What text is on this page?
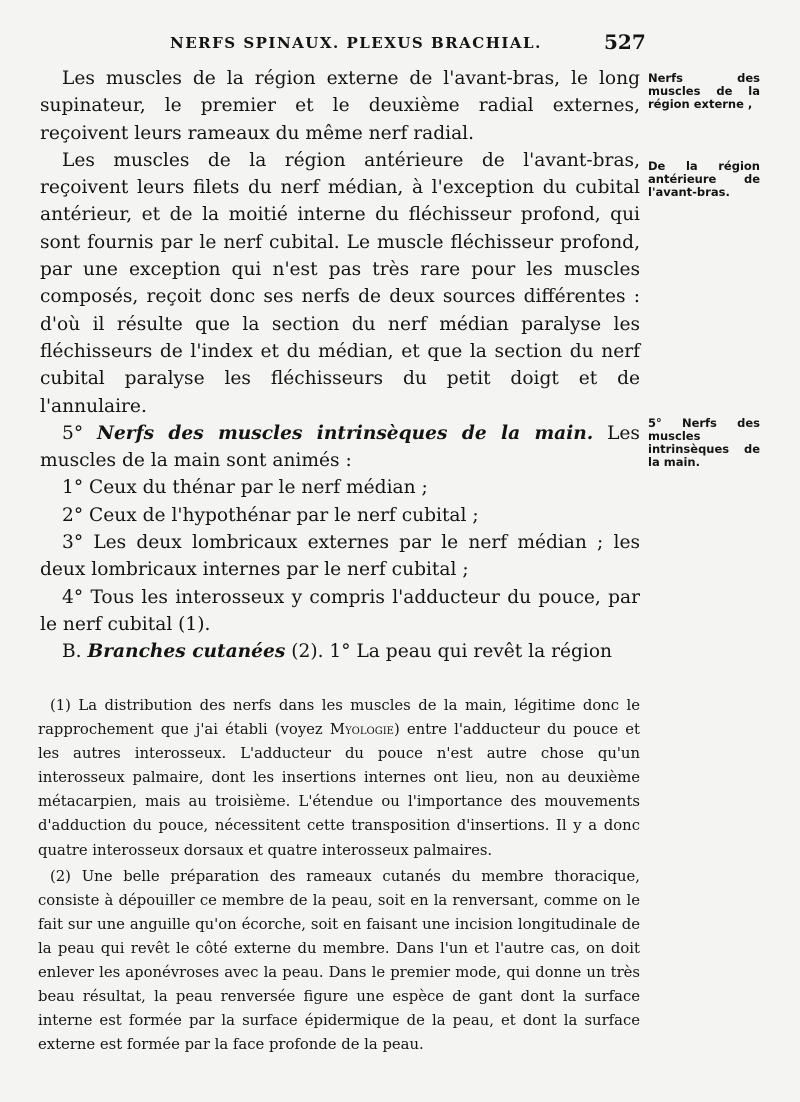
NERFS SPINAUX. PLEXUS BRACHIAL.	527

Les muscles de la région externe de l'avant-bras, le long supinateur, le premier et le deuxième radial externes, reçoivent leurs rameaux du même nerf radial.

Les muscles de la région antérieure de l'avant-bras, reçoivent leurs filets du nerf médian, à l'exception du cubital antérieur, et de la moitié interne du fléchisseur profond, qui sont fournis par le nerf cubital. Le muscle fléchisseur profond, par une exception qui n'est pas très rare pour les muscles composés, reçoit donc ses nerfs de deux sources différentes : d'où il résulte que la section du nerf médian paralyse les fléchisseurs de l'index et du médian, et que la section du nerf cubital paralyse les fléchisseurs du petit doigt et de l'annulaire.

5° Nerfs des muscles intrinsèques de la main. Les muscles de la main sont animés :

1° Ceux du thénar par le nerf médian ;

2° Ceux de l'hypothénar par le nerf cubital ;

3° Les deux lombricaux externes par le nerf médian ; les deux lombricaux internes par le nerf cubital ;

4° Tous les interosseux y compris l'adducteur du pouce, par le nerf cubital (1).

B. Branches cutanées (2). 1° La peau qui revêt la région

Nerfs des muscles de la région externe ,
De la région antérieure de l'avant-bras.
5° Nerfs des muscles intrinsèques de la main.

(1) La distribution des nerfs dans les muscles de la main, légitime donc le rapprochement que j'ai établi (voyez Myologie) entre l'adducteur du pouce et les autres interosseux. L'adducteur du pouce n'est autre chose qu'un interosseux palmaire, dont les insertions internes ont lieu, non au deuxième métacarpien, mais au troisième. L'étendue ou l'importance des mouvements d'adduction du pouce, nécessitent cette transposition d'insertions. Il y a donc quatre interosseux dorsaux et quatre interosseux palmaires.

(2) Une belle préparation des rameaux cutanés du membre thoracique, consiste à dépouiller ce membre de la peau, soit en la renversant, comme on le fait sur une anguille qu'on écorche, soit en faisant une incision longitudinale de la peau qui revêt le côté externe du membre. Dans l'un et l'autre cas, on doit enlever les aponévroses avec la peau. Dans le premier mode, qui donne un très beau résultat, la peau renversée figure une espèce de gant dont la surface interne est formée par la surface épidermique de la peau, et dont la surface externe est formée par la face profonde de la peau.
